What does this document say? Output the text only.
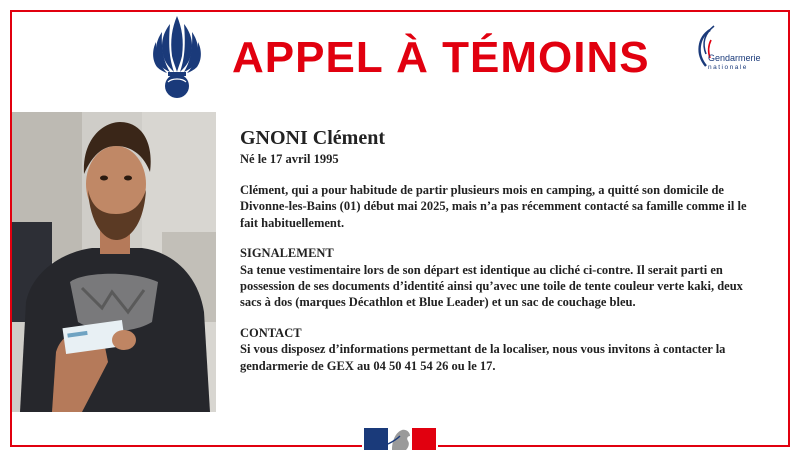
APPEL À TÉMOINS	Gendarmerie
nationale

GNONI Clément

Né le 17 avril 1995

Clément, qui a pour habitude de partir plusieurs mois en camping, a quitté son domicile de Divonne-les-Bains (01) début mai 2025, mais n’a pas récemment contacté sa famille comme il le fait habituellement.

SIGNALEMENT

Sa tenue vestimentaire lors de son départ est identique au cliché ci-contre. Il serait parti en possession de ses documents d’identité ainsi qu’avec une toile de tente couleur verte kaki, deux sacs à dos (marques Décathlon et Blue Leader) et un sac de couchage bleu.

CONTACT

Si vous disposez d’informations permettant de la localiser, nous vous invitons à contacter la gendarmerie de GEX au 04 50 41 54 26 ou le 17.
